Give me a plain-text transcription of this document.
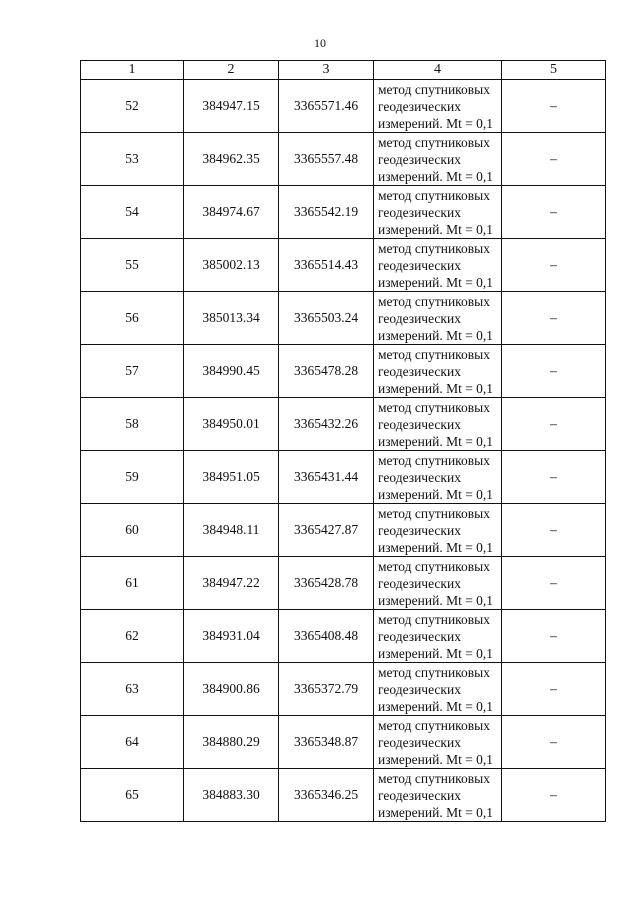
10
1	2	3	4	5
52	384947.15	3365571.46	метод спутниковых
геодезических
измерений. Mt = 0,1	–
53	384962.35	3365557.48	метод спутниковых
геодезических
измерений. Mt = 0,1	–
54	384974.67	3365542.19	метод спутниковых
геодезических
измерений. Mt = 0,1	–
55	385002.13	3365514.43	метод спутниковых
геодезических
измерений. Mt = 0,1	–
56	385013.34	3365503.24	метод спутниковых
геодезических
измерений. Mt = 0,1	–
57	384990.45	3365478.28	метод спутниковых
геодезических
измерений. Mt = 0,1	–
58	384950.01	3365432.26	метод спутниковых
геодезических
измерений. Mt = 0,1	–
59	384951.05	3365431.44	метод спутниковых
геодезических
измерений. Mt = 0,1	–
60	384948.11	3365427.87	метод спутниковых
геодезических
измерений. Mt = 0,1	–
61	384947.22	3365428.78	метод спутниковых
геодезических
измерений. Mt = 0,1	–
62	384931.04	3365408.48	метод спутниковых
геодезических
измерений. Mt = 0,1	–
63	384900.86	3365372.79	метод спутниковых
геодезических
измерений. Mt = 0,1	–
64	384880.29	3365348.87	метод спутниковых
геодезических
измерений. Mt = 0,1	–
65	384883.30	3365346.25	метод спутниковых
геодезических
измерений. Mt = 0,1	–
